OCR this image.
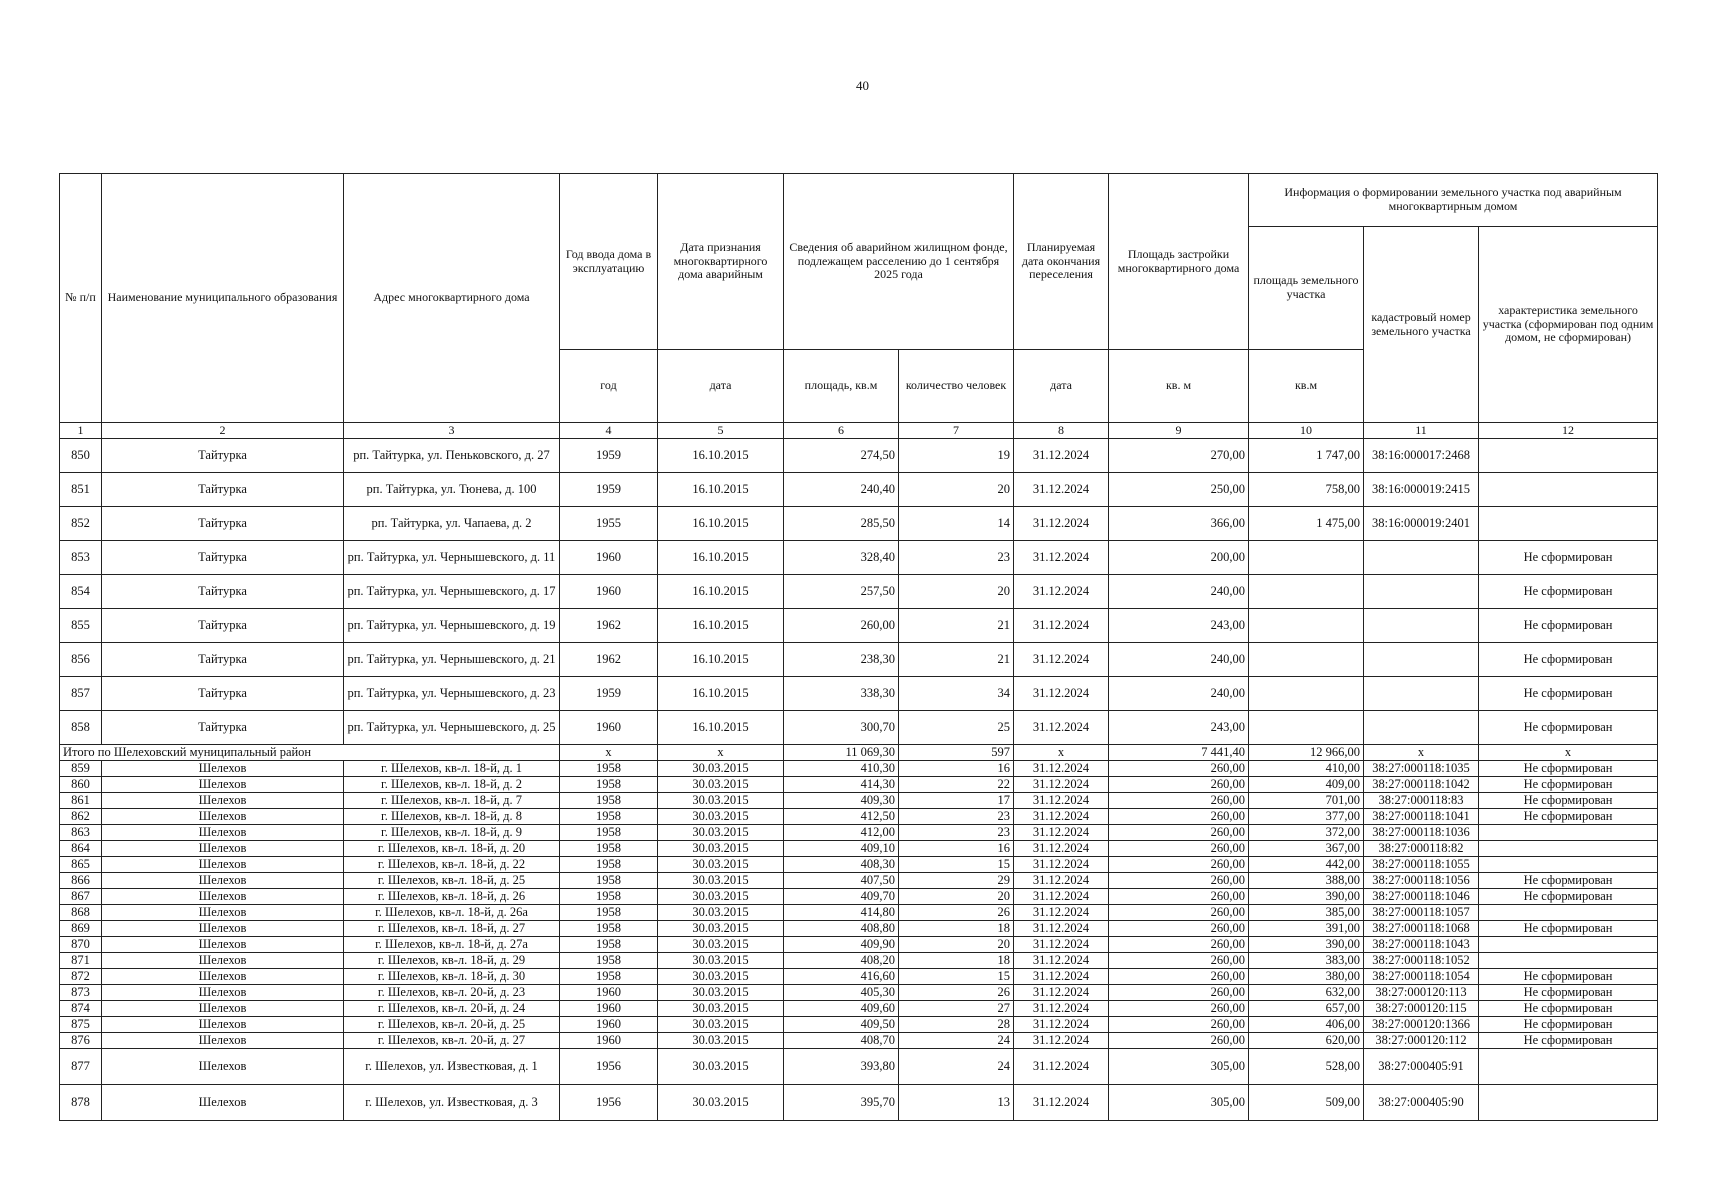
40
№ п/п	Наименование муниципального образования	Адрес многоквартирного дома	Год ввода дома в эксплуатацию	Дата признания многоквартирного дома аварийным	Сведения об аварийном жилищном фонде, подлежащем расселению до 1 сентября 2025 года		Планируемая дата окончания переселения	Площадь застройки многоквартирного дома	Информация о формировании земельного участка под аварийным многоквартирным домом		
									площадь земельного участка	кадастровый номер земельного участка	характеристика земельного участка (сформирован под одним домом, не сформирован)
			год	дата	площадь, кв.м	количество человек	дата	кв. м	кв.м		
1	2	3	4	5	6	7	8	9	10	11	12
850	Тайтурка	рп. Тайтурка, ул. Пеньковского, д. 27	1959	16.10.2015	274,50	19	31.12.2024	270,00	1 747,00	38:16:000017:2468	
851	Тайтурка	рп. Тайтурка, ул. Тюнева, д. 100	1959	16.10.2015	240,40	20	31.12.2024	250,00	758,00	38:16:000019:2415	
852	Тайтурка	рп. Тайтурка, ул. Чапаева, д. 2	1955	16.10.2015	285,50	14	31.12.2024	366,00	1 475,00	38:16:000019:2401	
853	Тайтурка	рп. Тайтурка, ул. Чернышевского, д. 11	1960	16.10.2015	328,40	23	31.12.2024	200,00			Не сформирован
854	Тайтурка	рп. Тайтурка, ул. Чернышевского, д. 17	1960	16.10.2015	257,50	20	31.12.2024	240,00			Не сформирован
855	Тайтурка	рп. Тайтурка, ул. Чернышевского, д. 19	1962	16.10.2015	260,00	21	31.12.2024	243,00			Не сформирован
856	Тайтурка	рп. Тайтурка, ул. Чернышевского, д. 21	1962	16.10.2015	238,30	21	31.12.2024	240,00			Не сформирован
857	Тайтурка	рп. Тайтурка, ул. Чернышевского, д. 23	1959	16.10.2015	338,30	34	31.12.2024	240,00			Не сформирован
858	Тайтурка	рп. Тайтурка, ул. Чернышевского, д. 25	1960	16.10.2015	300,70	25	31.12.2024	243,00			Не сформирован
Итого по Шелеховский муниципальный район			х	х	11 069,30	597	х	7 441,40	12 966,00	х	х
859	Шелехов	г. Шелехов, кв-л. 18-й, д. 1	1958	30.03.2015	410,30	16	31.12.2024	260,00	410,00	38:27:000118:1035	Не сформирован
860	Шелехов	г. Шелехов, кв-л. 18-й, д. 2	1958	30.03.2015	414,30	22	31.12.2024	260,00	409,00	38:27:000118:1042	Не сформирован
861	Шелехов	г. Шелехов, кв-л. 18-й, д. 7	1958	30.03.2015	409,30	17	31.12.2024	260,00	701,00	38:27:000118:83	Не сформирован
862	Шелехов	г. Шелехов, кв-л. 18-й, д. 8	1958	30.03.2015	412,50	23	31.12.2024	260,00	377,00	38:27:000118:1041	Не сформирован
863	Шелехов	г. Шелехов, кв-л. 18-й, д. 9	1958	30.03.2015	412,00	23	31.12.2024	260,00	372,00	38:27:000118:1036	
864	Шелехов	г. Шелехов, кв-л. 18-й, д. 20	1958	30.03.2015	409,10	16	31.12.2024	260,00	367,00	38:27:000118:82	
865	Шелехов	г. Шелехов, кв-л. 18-й, д. 22	1958	30.03.2015	408,30	15	31.12.2024	260,00	442,00	38:27:000118:1055	
866	Шелехов	г. Шелехов, кв-л. 18-й, д. 25	1958	30.03.2015	407,50	29	31.12.2024	260,00	388,00	38:27:000118:1056	Не сформирован
867	Шелехов	г. Шелехов, кв-л. 18-й, д. 26	1958	30.03.2015	409,70	20	31.12.2024	260,00	390,00	38:27:000118:1046	Не сформирован
868	Шелехов	г. Шелехов, кв-л. 18-й, д. 26а	1958	30.03.2015	414,80	26	31.12.2024	260,00	385,00	38:27:000118:1057	
869	Шелехов	г. Шелехов, кв-л. 18-й, д. 27	1958	30.03.2015	408,80	18	31.12.2024	260,00	391,00	38:27:000118:1068	Не сформирован
870	Шелехов	г. Шелехов, кв-л. 18-й, д. 27а	1958	30.03.2015	409,90	20	31.12.2024	260,00	390,00	38:27:000118:1043	
871	Шелехов	г. Шелехов, кв-л. 18-й, д. 29	1958	30.03.2015	408,20	18	31.12.2024	260,00	383,00	38:27:000118:1052	
872	Шелехов	г. Шелехов, кв-л. 18-й, д. 30	1958	30.03.2015	416,60	15	31.12.2024	260,00	380,00	38:27:000118:1054	Не сформирован
873	Шелехов	г. Шелехов, кв-л. 20-й, д. 23	1960	30.03.2015	405,30	26	31.12.2024	260,00	632,00	38:27:000120:113	Не сформирован
874	Шелехов	г. Шелехов, кв-л. 20-й, д. 24	1960	30.03.2015	409,60	27	31.12.2024	260,00	657,00	38:27:000120:115	Не сформирован
875	Шелехов	г. Шелехов, кв-л. 20-й, д. 25	1960	30.03.2015	409,50	28	31.12.2024	260,00	406,00	38:27:000120:1366	Не сформирован
876	Шелехов	г. Шелехов, кв-л. 20-й, д. 27	1960	30.03.2015	408,70	24	31.12.2024	260,00	620,00	38:27:000120:112	Не сформирован
877	Шелехов	г. Шелехов, ул. Известковая, д. 1	1956	30.03.2015	393,80	24	31.12.2024	305,00	528,00	38:27:000405:91	
878	Шелехов	г. Шелехов, ул. Известковая, д. 3	1956	30.03.2015	395,70	13	31.12.2024	305,00	509,00	38:27:000405:90	
